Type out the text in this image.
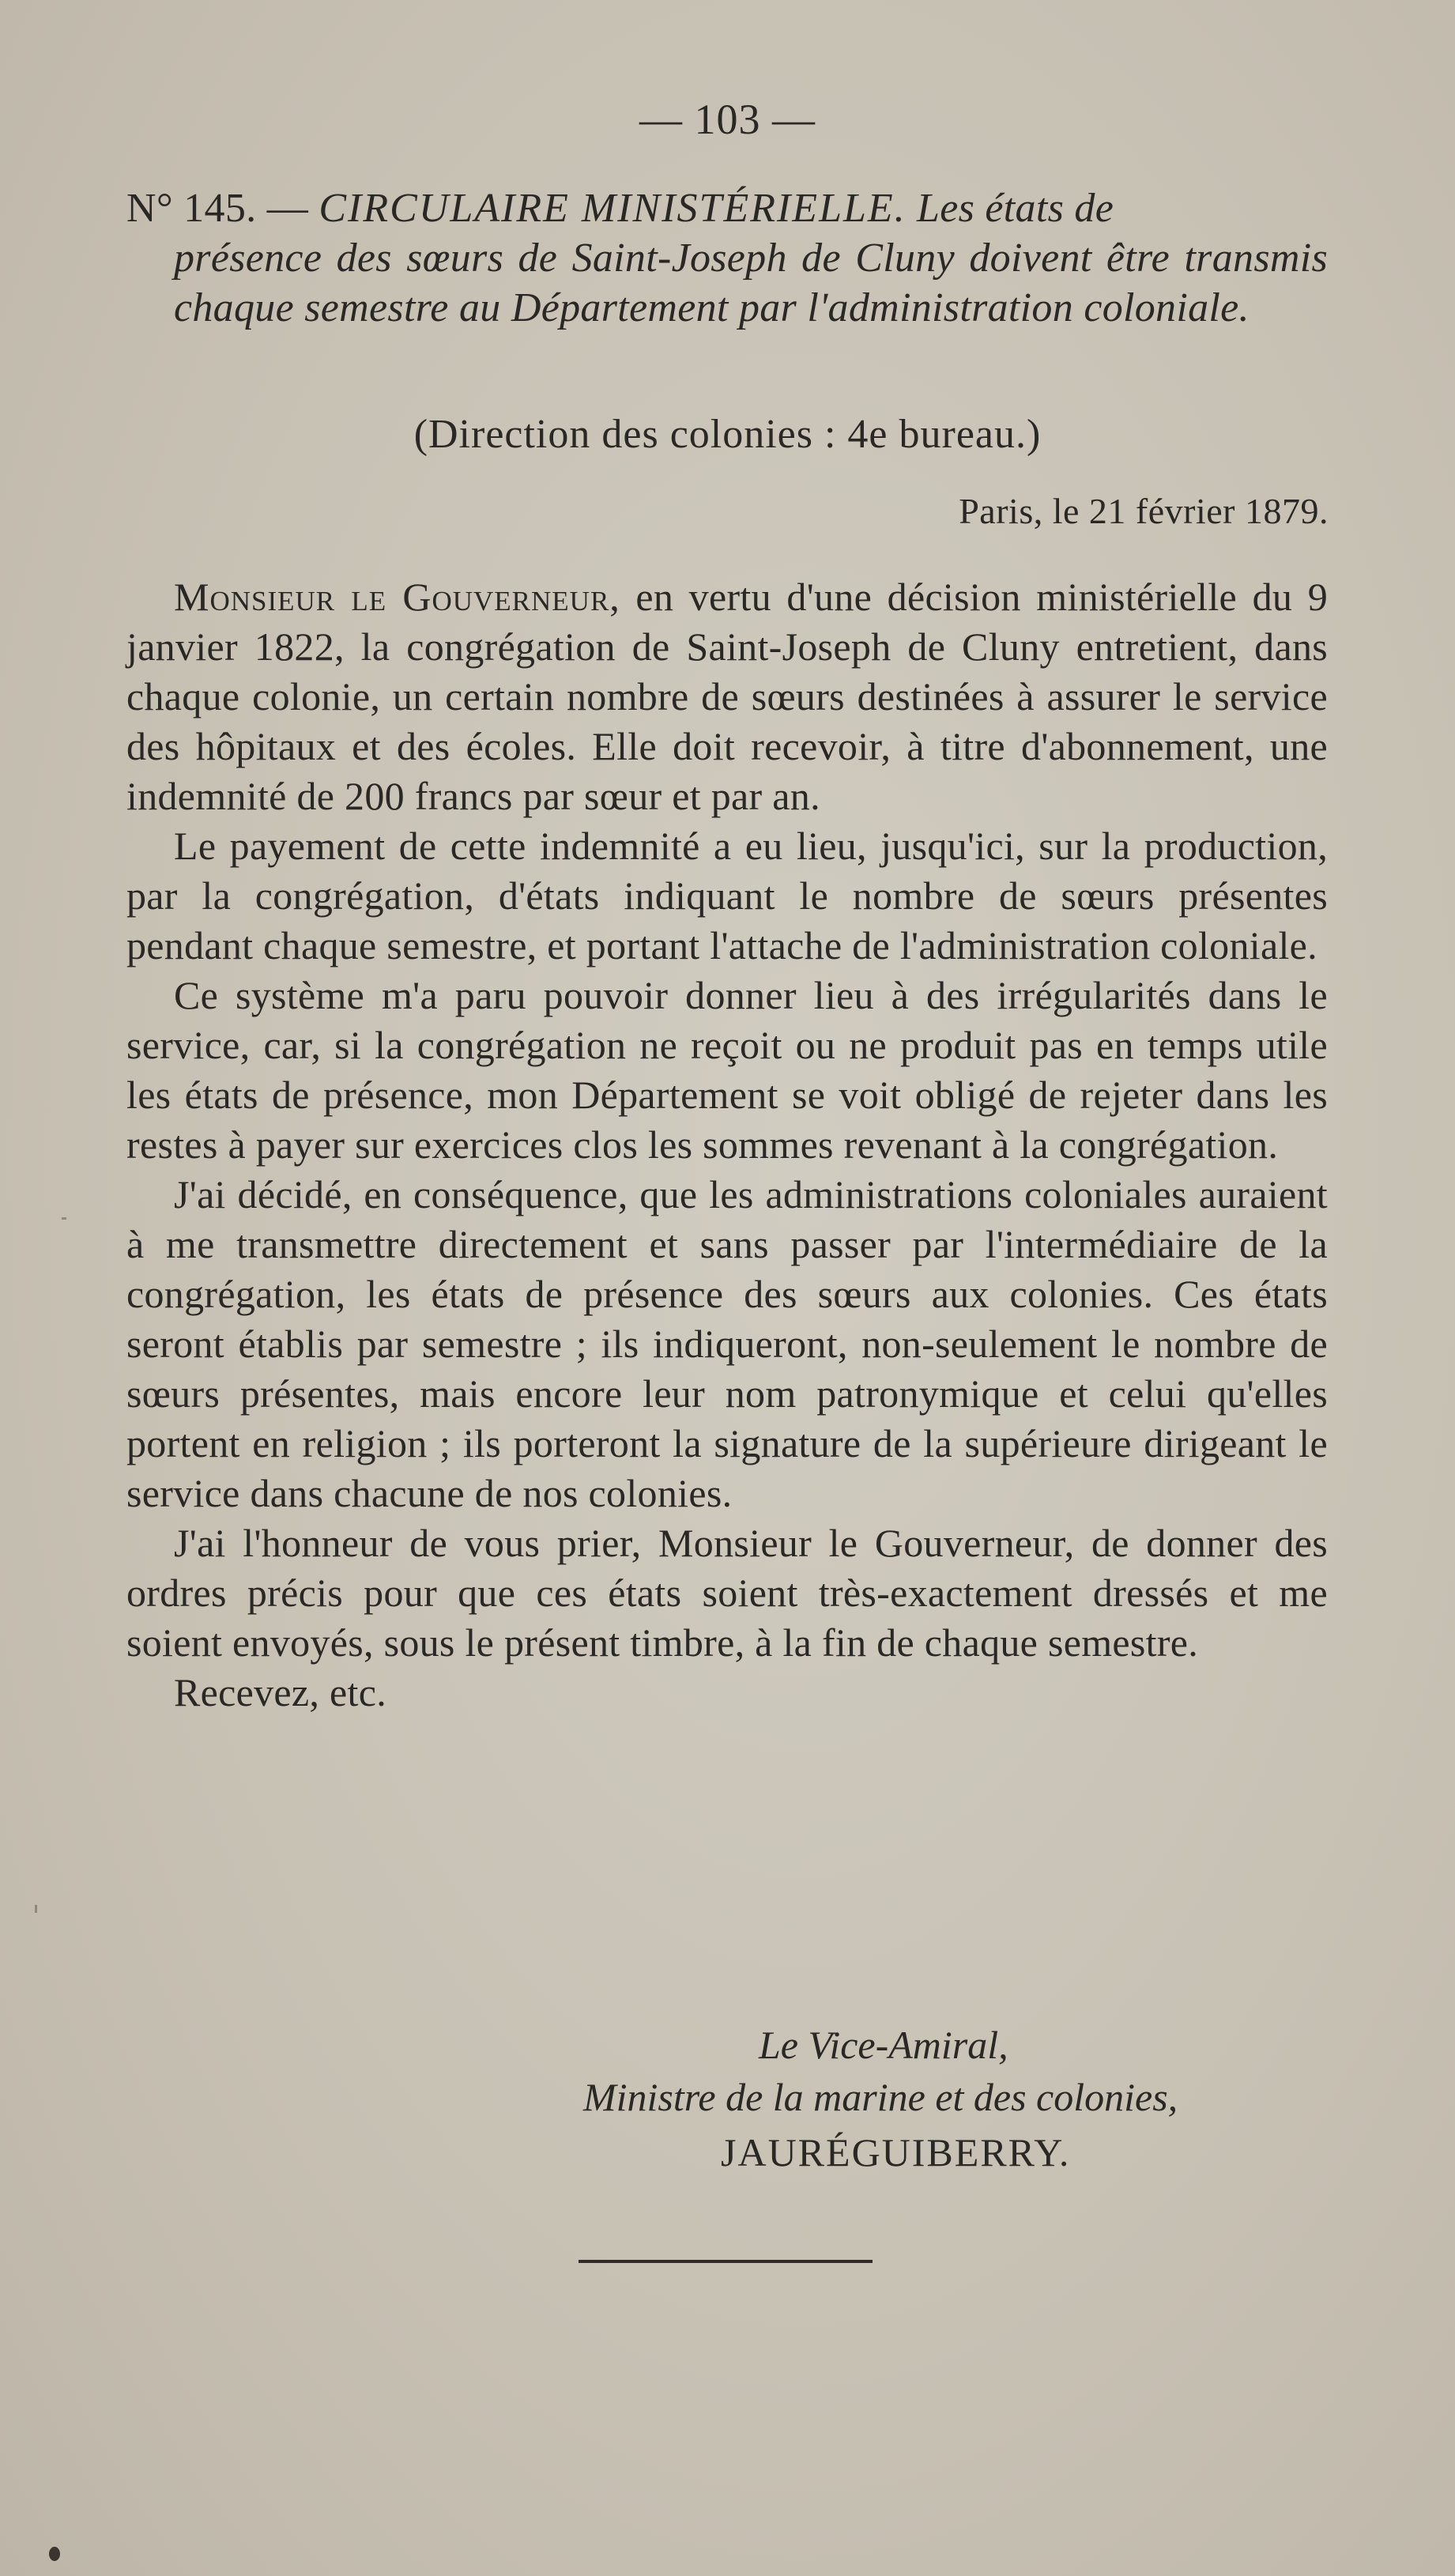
— 103 —
N° 145. — CIRCULAIRE MINISTÉRIELLE. Les états de
présence des sœurs de Saint-Joseph de Cluny doivent être transmis chaque semestre au Département par l'administration coloniale.
(Direction des colonies : 4e bureau.)
Paris, le 21 février 1879.

Monsieur le Gouverneur, en vertu d'une décision ministérielle du 9 janvier 1822, la congrégation de Saint-Joseph de Cluny entretient, dans chaque colonie, un certain nombre de sœurs destinées à assurer le service des hôpitaux et des écoles. Elle doit recevoir, à titre d'abonnement, une indemnité de 200 francs par sœur et par an.

Le payement de cette indemnité a eu lieu, jusqu'ici, sur la production, par la congrégation, d'états indiquant le nombre de sœurs présentes pendant chaque semestre, et portant l'attache de l'administration coloniale.

Ce système m'a paru pouvoir donner lieu à des irrégularités dans le service, car, si la congrégation ne reçoit ou ne produit pas en temps utile les états de présence, mon Département se voit obligé de rejeter dans les restes à payer sur exercices clos les sommes revenant à la congrégation.

J'ai décidé, en conséquence, que les administrations coloniales auraient à me transmettre directement et sans passer par l'intermédiaire de la congrégation, les états de présence des sœurs aux colonies. Ces états seront établis par semestre ; ils indiqueront, non-seulement le nombre de sœurs présentes, mais encore leur nom patronymique et celui qu'elles portent en religion ; ils porteront la signature de la supérieure dirigeant le service dans chacune de nos colonies.

J'ai l'honneur de vous prier, Monsieur le Gouverneur, de donner des ordres précis pour que ces états soient très-exactement dressés et me soient envoyés, sous le présent timbre, à la fin de chaque semestre.

Recevez, etc.

Le Vice-Amiral,
Ministre de la marine et des colonies,
JAURÉGUIBERRY.
